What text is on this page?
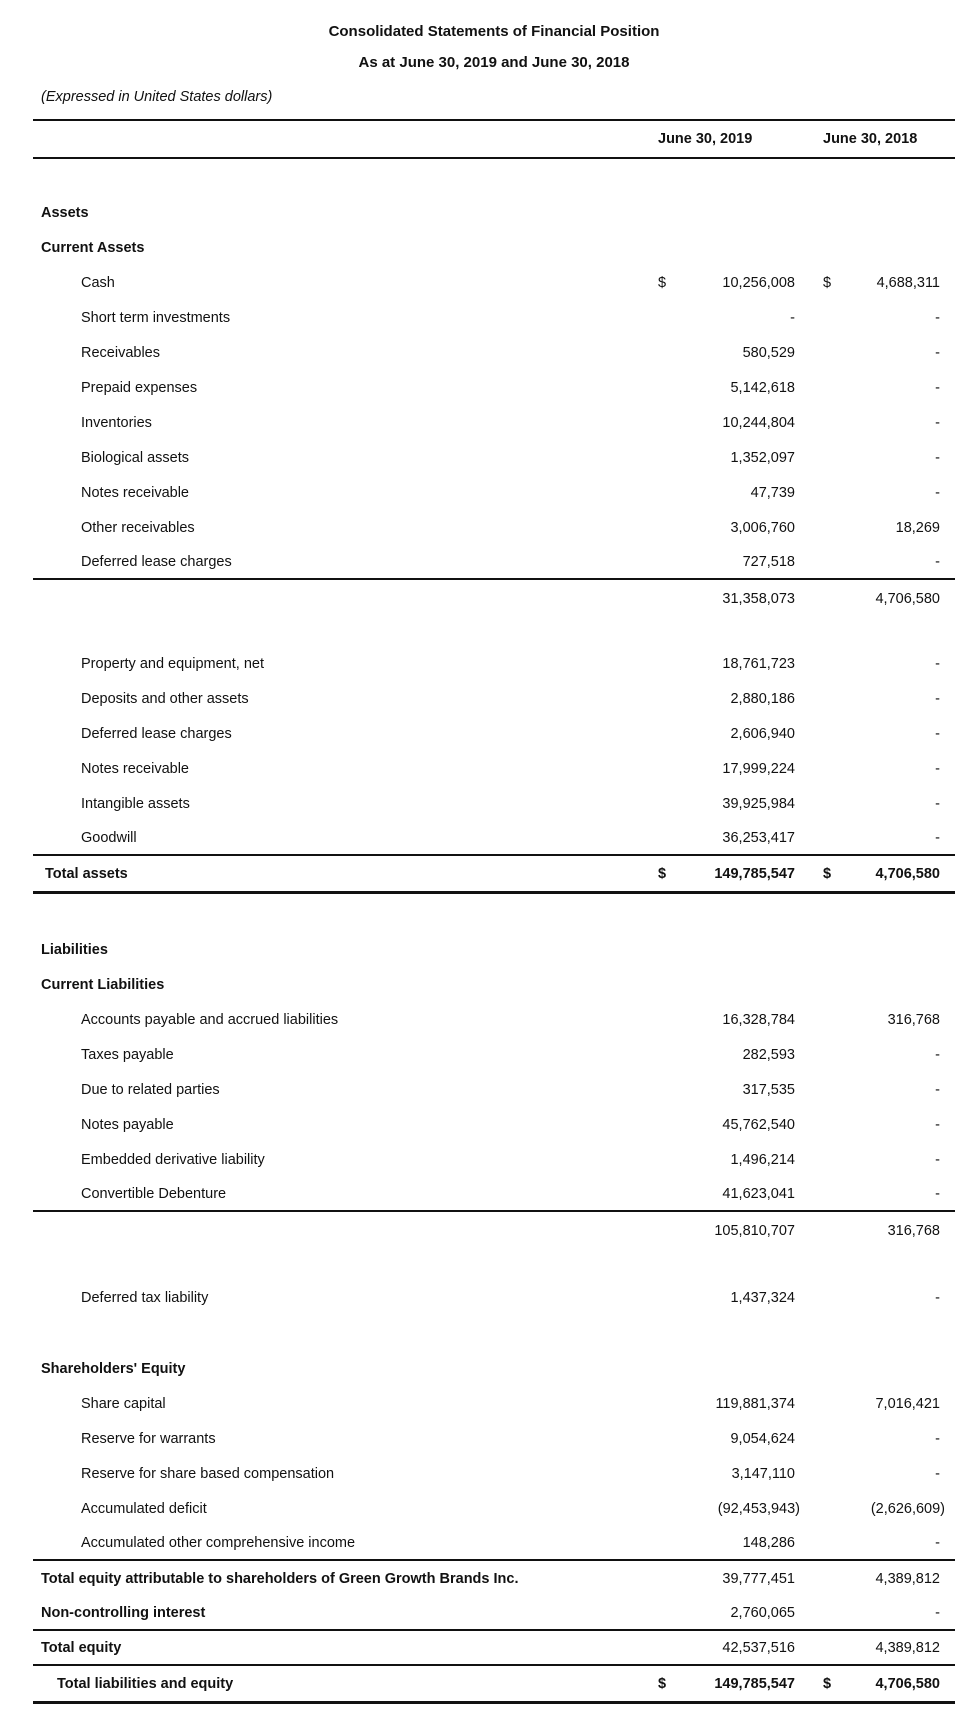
Consolidated Statements of Financial Position
As at June 30, 2019 and June 30, 2018
(Expressed in United States dollars)
June 30, 2019	June 30, 2018
Assets
Current Assets
Cash	$	10,256,008 $	4,688,311
Short term investments	-	-
Receivables	580,529	-
Prepaid expenses	5,142,618	-
Inventories	10,244,804	-
Biological assets	1,352,097	-
Notes receivable	47,739	-
Other receivables	3,006,760	18,269
Deferred lease charges	727,518	-
31,358,073	4,706,580
Property and equipment, net	18,761,723	-
Deposits and other assets	2,880,186	-
Deferred lease charges	2,606,940	-
Notes receivable	17,999,224	-
Intangible assets	39,925,984	-
Goodwill	36,253,417	-
Total assets	$	149,785,547 $	4,706,580
Liabilities
Current Liabilities
Accounts payable and accrued liabilities	16,328,784	316,768
Taxes payable	282,593	-
Due to related parties	317,535	-
Notes payable	45,762,540	-
Embedded derivative liability	1,496,214	-
Convertible Debenture	41,623,041	-
105,810,707	316,768
Deferred tax liability	1,437,324	-
Shareholders' Equity
Share capital	119,881,374	7,016,421
Reserve for warrants	9,054,624	-
Reserve for share based compensation	3,147,110	-
Accumulated deficit	(92,453,943)	(2,626,609)
Accumulated other comprehensive income	148,286	-
Total equity attributable to shareholders of Green Growth Brands Inc.	39,777,451	4,389,812
Non-controlling interest	2,760,065	-
Total equity	42,537,516	4,389,812
Total liabilities and equity	$	149,785,547 $	4,706,580
